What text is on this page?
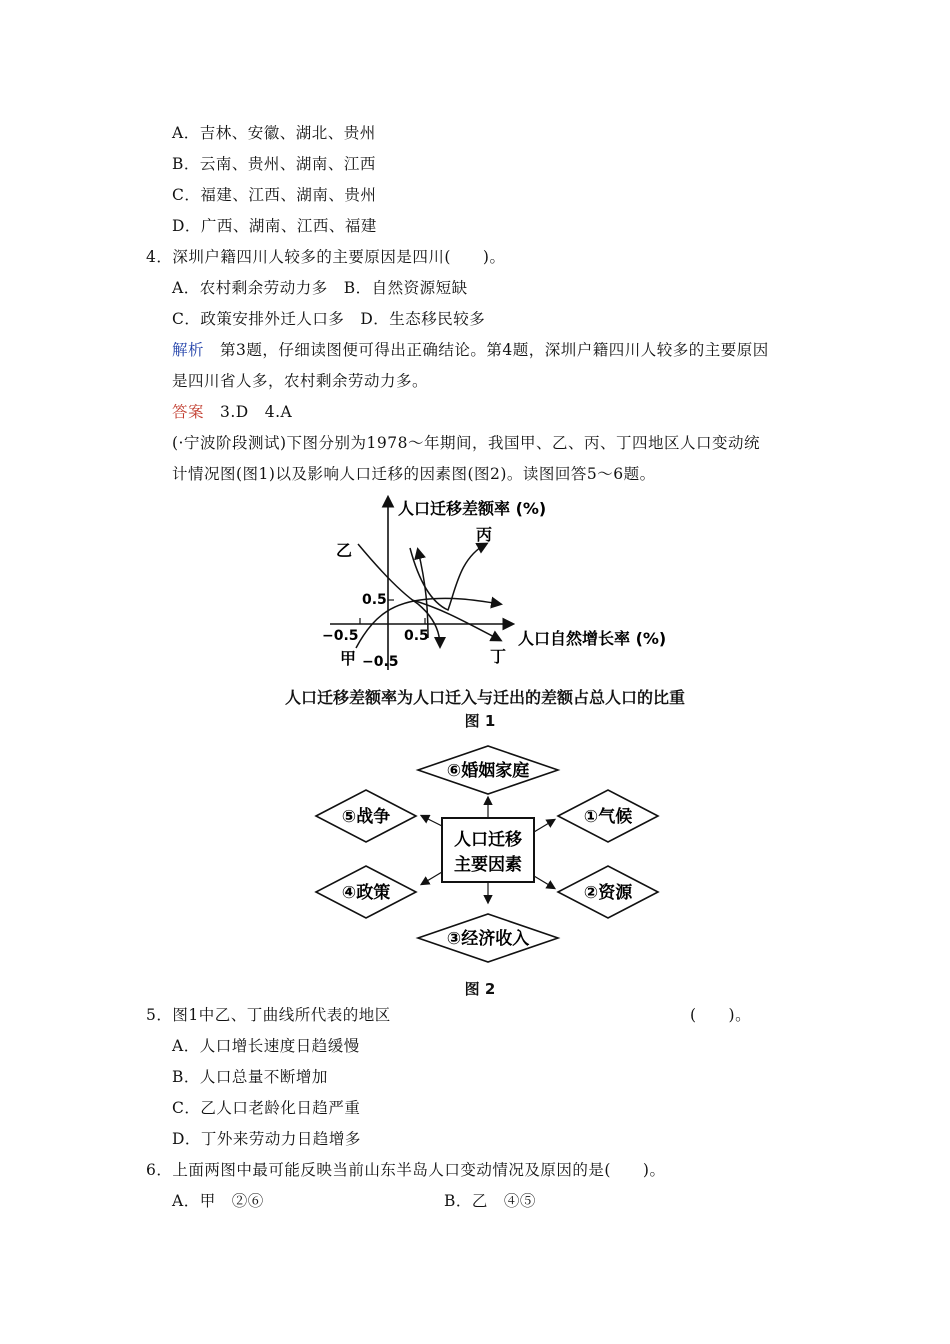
A．吉林、安徽、湖北、贵州
B．云南、贵州、湖南、江西
C．福建、江西、湖南、贵州
D．广西、湖南、江西、福建
4．深圳户籍四川人较多的主要原因是四川(　　)。
A．农村剩余劳动力多　B．自然资源短缺
C．政策安排外迁人口多　D．生态移民较多
解析　第3题，仔细读图便可得出正确结论。第4题，深圳户籍四川人较多的主要原因
是四川省人多，农村剩余劳动力多。
答案　3.D　4.A
(·宁波阶段测试)下图分别为1978～年期间，我国甲、乙、丙、丁四地区人口变动统
计情况图(图1)以及影响人口迁移的因素图(图2)。读图回答5～6题。
人口迁移差额率 (%)
人口自然增长率 (%)
0.5
−0.5	0.5
−0.5
乙
丙
甲	丁
人口迁移差额率为人口迁入与迁出的差额占总人口的比重
图 1
人口迁移
主要因素
⑥婚姻家庭
⑤战争	①气候
④政策	②资源
③经济收入
图 2
5．图1中乙、丁曲线所代表的地区	(　　)。
A．人口增长速度日趋缓慢
B．人口总量不断增加
C．乙人口老龄化日趋严重
D．丁外来劳动力日趋增多
6．上面两图中最可能反映当前山东半岛人口变动情况及原因的是(　　)。
A．甲　②⑥	B．乙　④⑤
